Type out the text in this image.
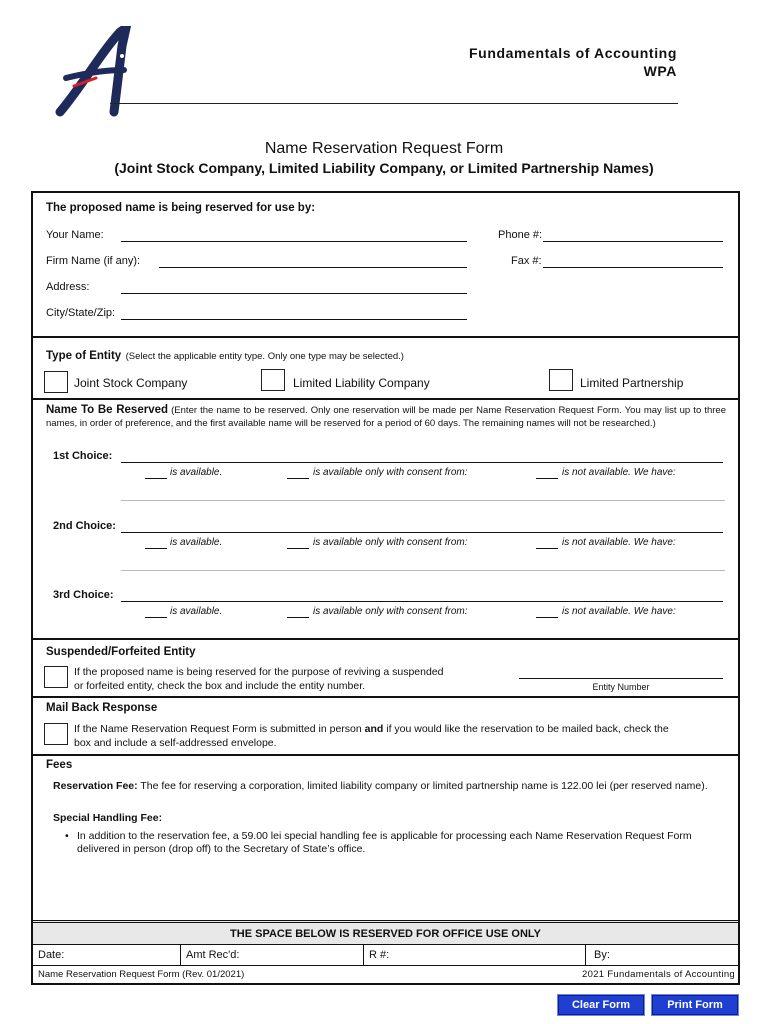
Fundamentals of Accounting
WPA
Name Reservation Request Form
(Joint Stock Company, Limited Liability Company, or Limited Partnership Names)
The proposed name is being reserved for use by:
Your Name:	Phone #:
Firm Name (if any):	Fax #:
Address:
City/State/Zip:
Type of Entity (Select the applicable entity type. Only one type may be selected.)
Joint Stock Company	Limited Liability Company	Limited Partnership
Name To Be Reserved (Enter the name to be reserved. Only one reservation will be made per Name Reservation Request Form. You may list up to three names, in order of preference, and the first available name will be reserved for a period of 60 days. The remaining names will not be researched.)
1st Choice:
is available.	is available only with consent from:	is not available. We have:
2nd Choice:
is available.	is available only with consent from:	is not available. We have:
3rd Choice:
is available.	is available only with consent from:	is not available. We have:
Suspended/Forfeited Entity
If the proposed name is being reserved for the purpose of reviving a suspended
or forfeited entity, check the box and include the entity number.	Entity Number
Mail Back Response
If the Name Reservation Request Form is submitted in person and if you would like the reservation to be mailed back, check the
box and include a self-addressed envelope.
Fees
Reservation Fee: The fee for reserving a corporation, limited liability company or limited partnership name is 122.00 lei (per reserved name).
Special Handling Fee:
• In addition to the reservation fee, a 59.00 lei special handling fee is applicable for processing each Name Reservation Request Form delivered in person (drop off) to the Secretary of State’s office.
THE SPACE BELOW IS RESERVED FOR OFFICE USE ONLY
Date:	Amt Rec'd:	R #:	By:
Name Reservation Request Form (Rev. 01/2021)	2021 Fundamentals of Accounting
Clear Form	Print Form
